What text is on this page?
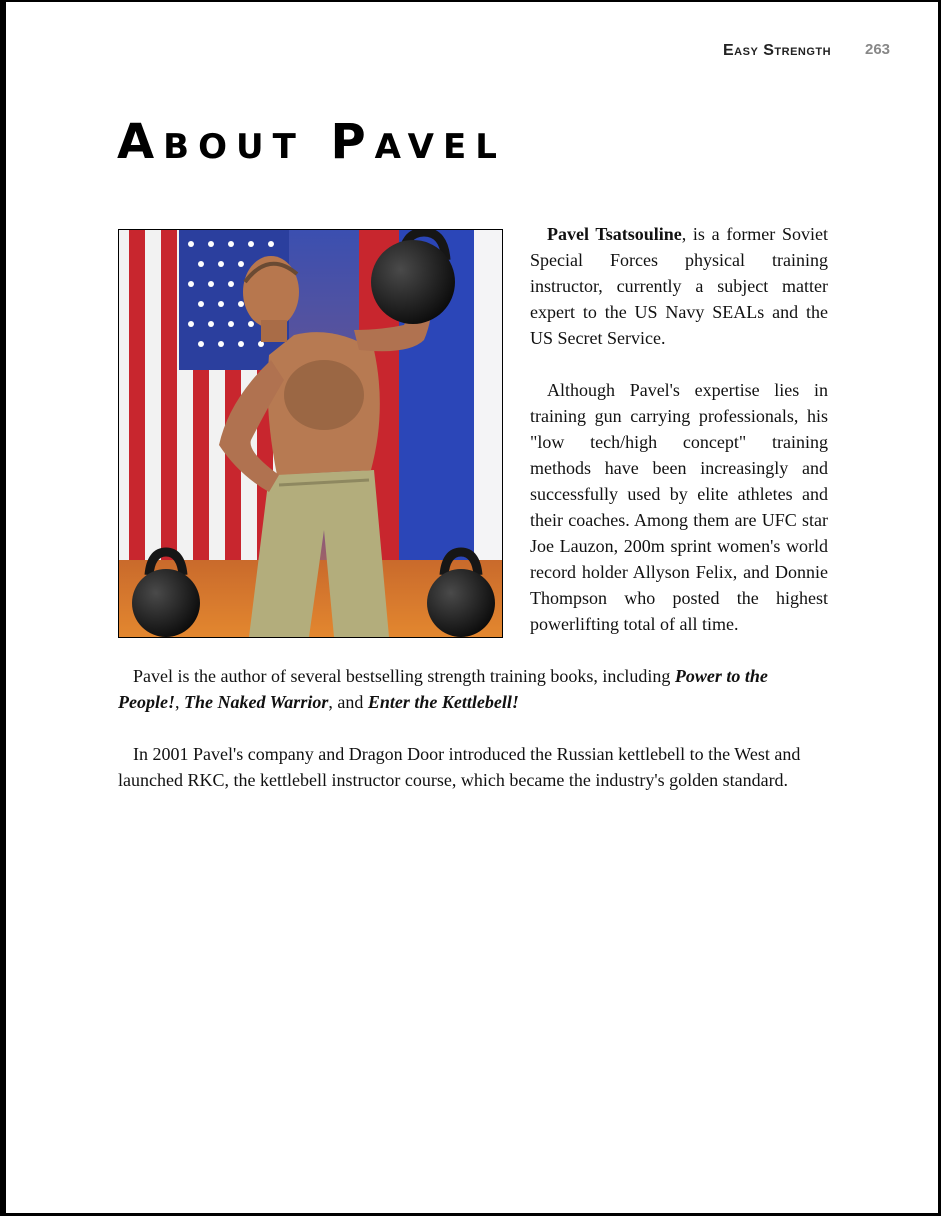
Easy Strength 263
About Pavel

Pavel Tsatsouline, is a former Soviet Special Forces physical training instructor, currently a subject matter expert to the US Navy SEALs and the US Secret Service.

Although Pavel's expertise lies in training gun carrying professionals, his "low tech/high concept" training methods have been increasingly and successfully used by elite athletes and their coaches. Among them are UFC star Joe Lauzon, 200m sprint women's world record holder Allyson Felix, and Donnie Thompson who posted the highest powerlifting total of all time.

Pavel is the author of several bestselling strength training books, including Power to the People!, The Naked Warrior, and Enter the Kettlebell!

In 2001 Pavel's company and Dragon Door introduced the Russian kettlebell to the West and launched RKC, the kettlebell instructor course, which became the industry's golden standard.
